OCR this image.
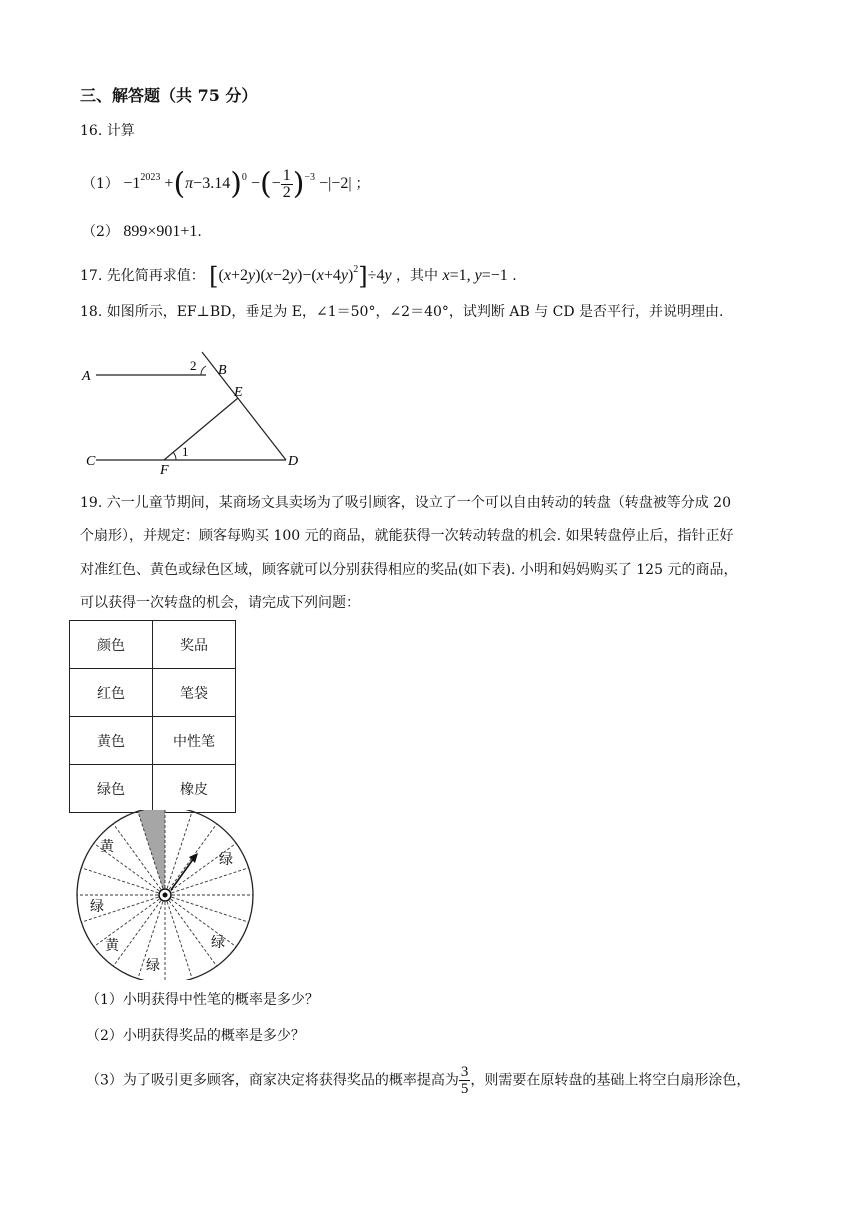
三、解答题（共 75 分）
16. 计算
$(1) -1^{2023} +(\pi-3.14)^0$ −(− $\frac{1}{2} )^{-3} -|-2|$ ；
（2） 899×901+1.
17. 先化简再求值： $[(x+2y)(x-2y)-(x+4y)^2]\div 4y$ ，其中 x=1, y=−1 .
18. 如图所示，EF⊥BD，垂足为 E，∠1＝50°，∠2＝40°，试判断 AB 与 CD 是否平行，并说明理由.
A	B
E
C
F
D
1
2
19. 六一儿童节期间，某商场文具卖场为了吸引顾客，设立了一个可以自由转动的转盘（转盘被等分成 20
个扇形），并规定：顾客每购买 100 元的商品，就能获得一次转动转盘的机会. 如果转盘停止后，指针正好
对准红色、黄色或绿色区域，顾客就可以分别获得相应的奖品(如下表). 小明和妈妈购买了 125 元的商品，
可以获得一次转盘的机会，请完成下列问题：
颜色	奖品
红色	笔袋
黄色	中性笔
绿色	橡皮
黄
绿
绿
黄	绿
绿
（1）小明获得中性笔的概率是多少？
（2）小明获得奖品的概率是多少？
（3）为了吸引更多顾客，商家决定将获得奖品的概率提高为 $\frac{3}{5}$ ，则需要在原转盘的基础上将空白扇形涂色，
